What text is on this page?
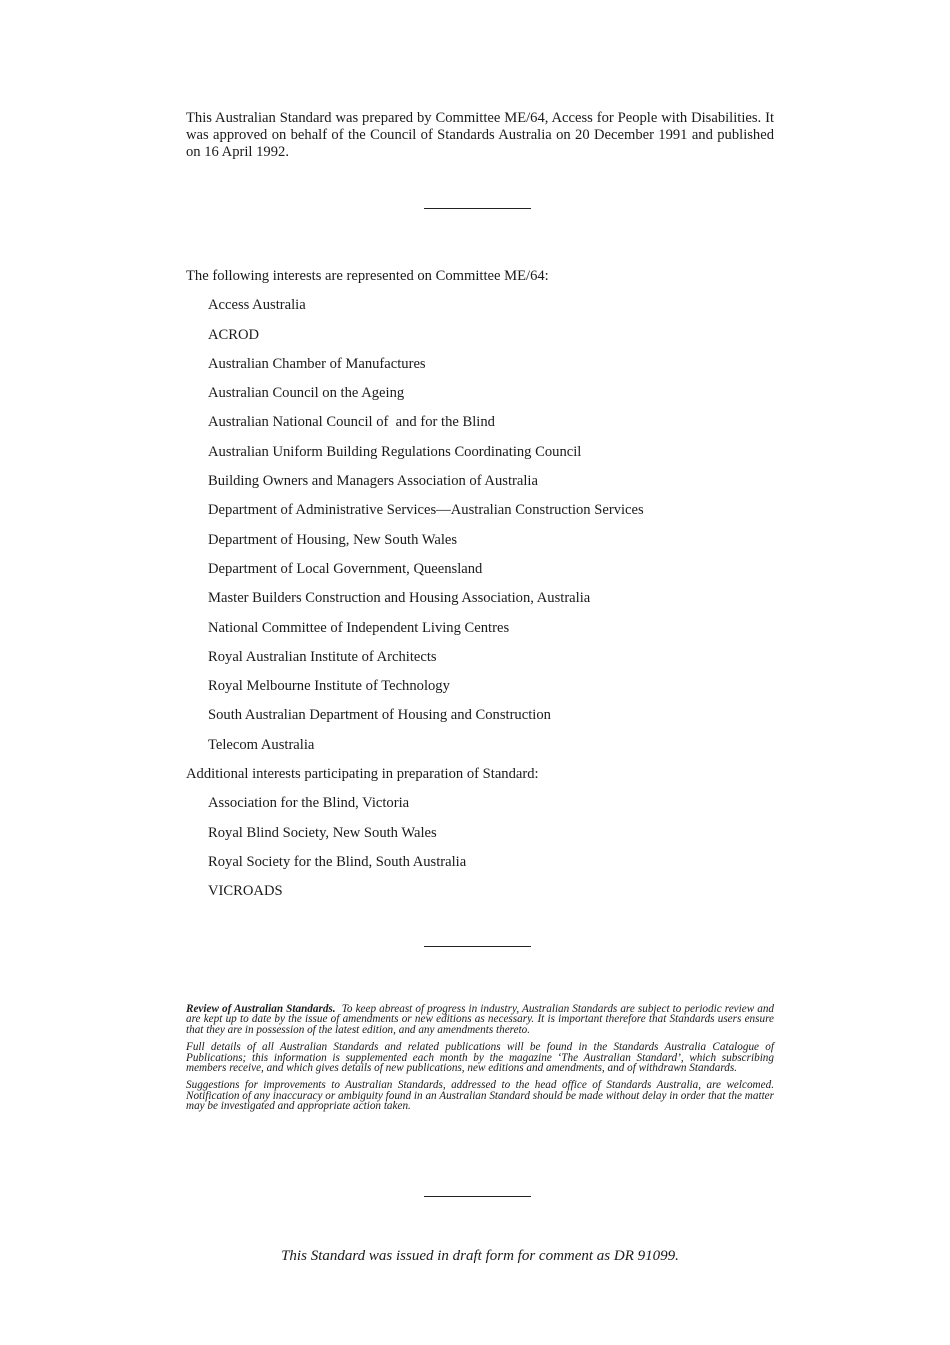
This Australian Standard was prepared by Committee ME/64, Access for People with Disabilities. It was approved on behalf of the Council of Standards Australia on 20 December 1991 and published on 16 April 1992.
The following interests are represented on Committee ME/64:
Access Australia
ACROD
Australian Chamber of Manufactures
Australian Council on the Ageing
Australian National Council of  and for the Blind
Australian Uniform Building Regulations Coordinating Council
Building Owners and Managers Association of Australia
Department of Administrative Services—Australian Construction Services
Department of Housing, New South Wales
Department of Local Government, Queensland
Master Builders Construction and Housing Association, Australia
National Committee of Independent Living Centres
Royal Australian Institute of Architects
Royal Melbourne Institute of Technology
South Australian Department of Housing and Construction
Telecom Australia
Additional interests participating in preparation of Standard:
Association for the Blind, Victoria
Royal Blind Society, New South Wales
Royal Society for the Blind, South Australia
VICROADS

Review of Australian Standards. To keep abreast of progress in industry, Australian Standards are subject to periodic review and are kept up to date by the issue of amendments or new editions as necessary. It is important therefore that Standards users ensure that they are in possession of the latest edition, and any amendments thereto.

Full details of all Australian Standards and related publications will be found in the Standards Australia Catalogue of Publications; this information is supplemented each month by the magazine ‘The Australian Standard’, which subscribing members receive, and which gives details of new publications, new editions and amendments, and of withdrawn Standards.

Suggestions for improvements to Australian Standards, addressed to the head office of Standards Australia, are welcomed. Notification of any inaccuracy or ambiguity found in an Australian Standard should be made without delay in order that the matter may be investigated and appropriate action taken.

This Standard was issued in draft form for comment as DR 91099.
